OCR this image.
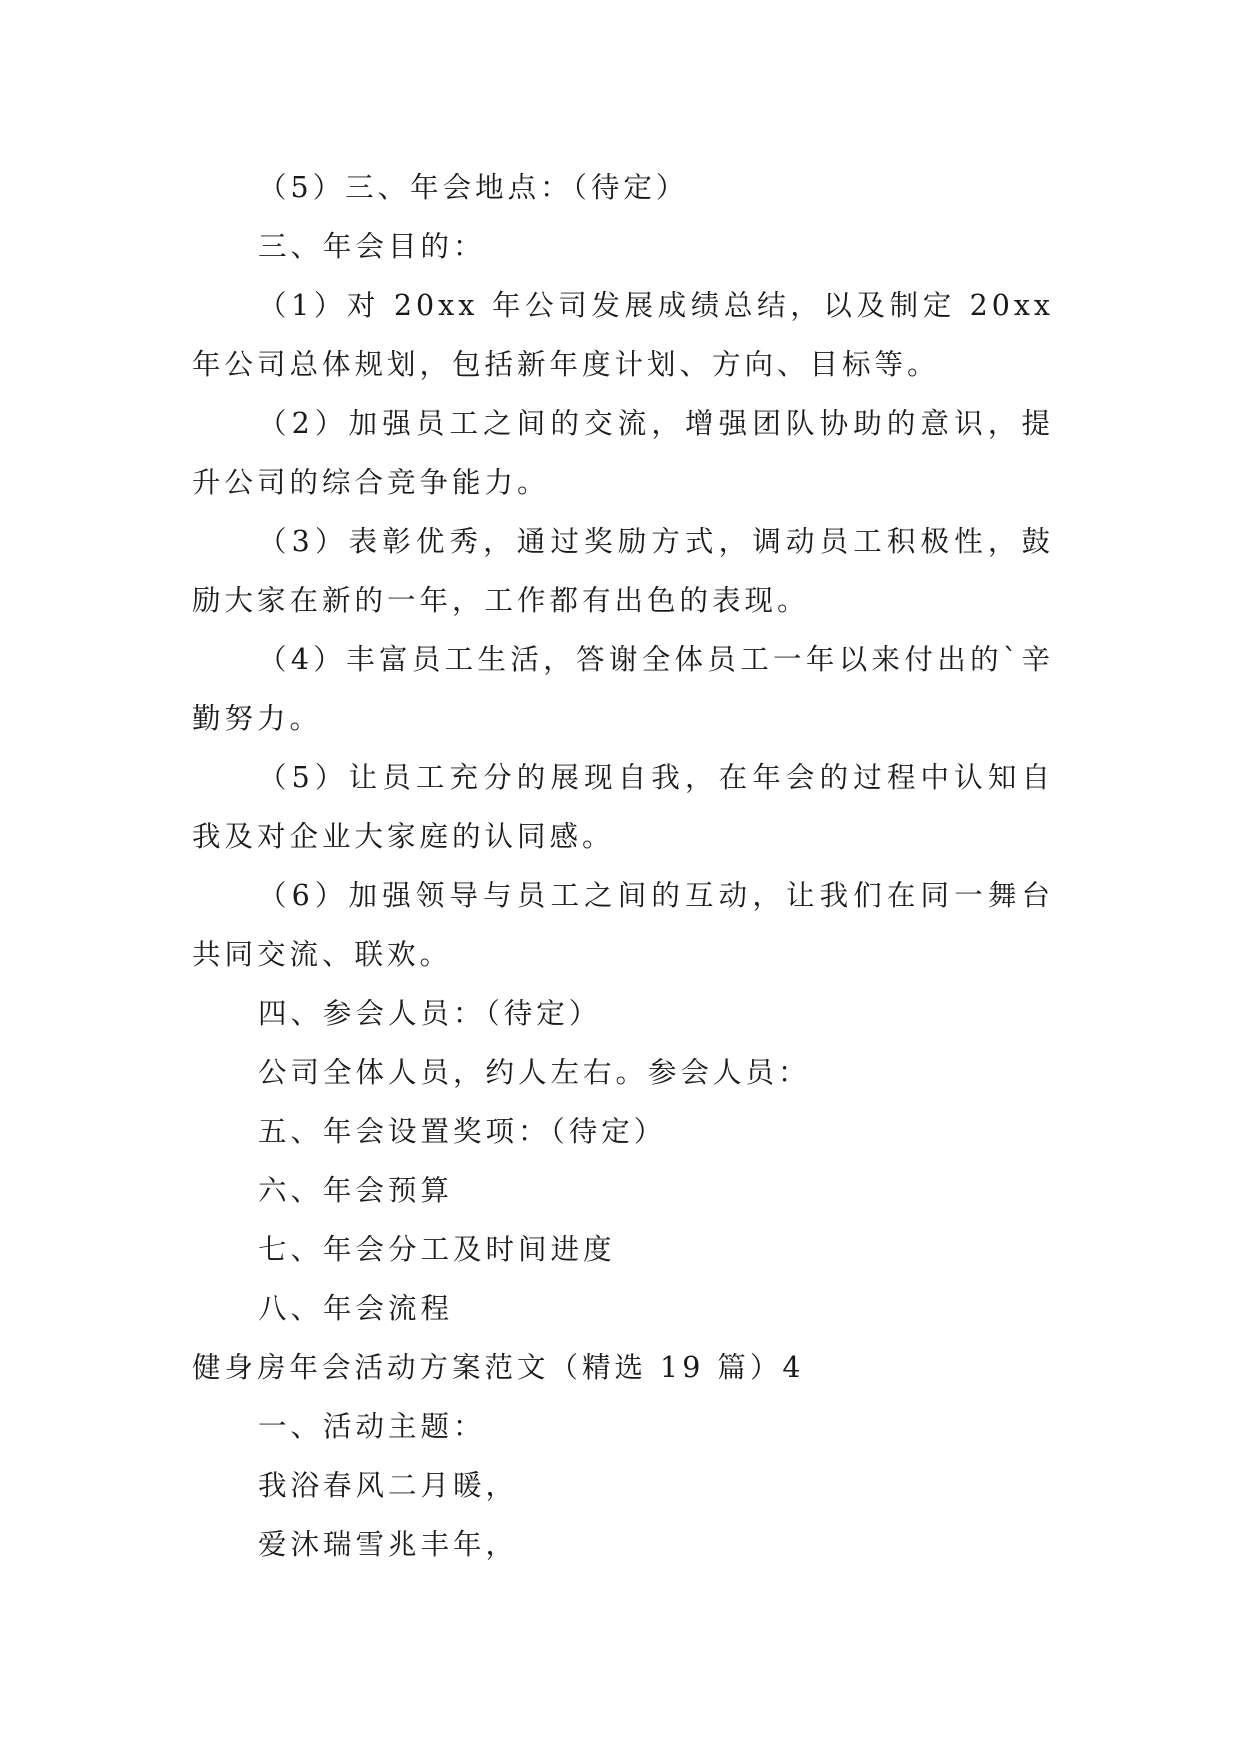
（5）三、年会地点：（待定）

三、年会目的：

（1）对 20xx 年公司发展成绩总结，以及制定 20xx 年公司总体规划，包括新年度计划、方向、目标等。

（2）加强员工之间的交流，增强团队协助的意识，提升公司的综合竞争能力。

（3）表彰优秀，通过奖励方式，调动员工积极性，鼓励大家在新的一年，工作都有出色的表现。

（4）丰富员工生活，答谢全体员工一年以来付出的`辛勤努力。

（5）让员工充分的展现自我，在年会的过程中认知自我及对企业大家庭的认同感。

（6）加强领导与员工之间的互动，让我们在同一舞台共同交流、联欢。

四、参会人员：（待定）

公司全体人员，约人左右。参会人员：

五、年会设置奖项：（待定）

六、年会预算

七、年会分工及时间进度

八、年会流程

健身房年会活动方案范文（精选 19 篇）4

一、活动主题：

我浴春风二月暖，

爱沐瑞雪兆丰年，
